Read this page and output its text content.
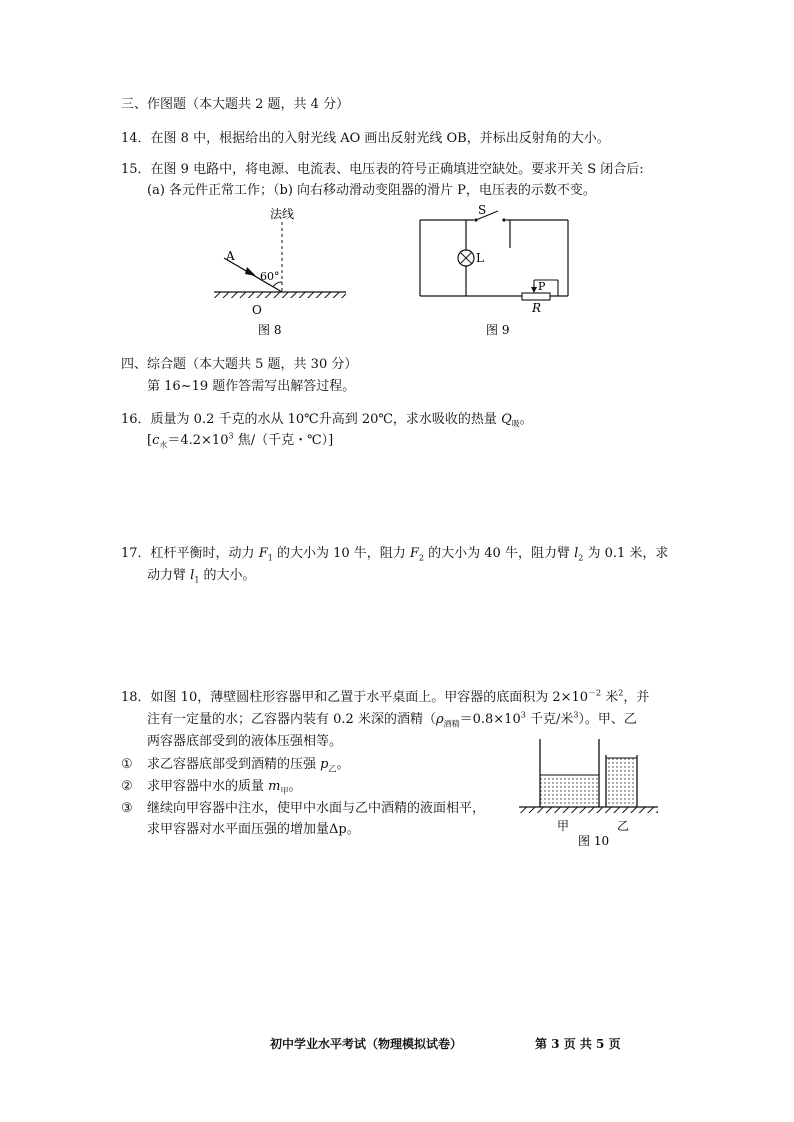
三、作图题（本大题共 2 题，共 4 分）
14．在图 8 中，根据给出的入射光线 AO 画出反射光线 OB，并标出反射角的大小。
15．在图 9 电路中，将电源、电流表、电压表的符号正确填进空缺处。要求开关 S 闭合后:
(a) 各元件正常工作；（b) 向右移动滑动变阻器的滑片 P，电压表的示数不变。
法线
A
60°
O
图 8
S
L
P
R
图 9
四、综合题（本大题共 5 题，共 30 分）
第 16~19 题作答需写出解答过程。
16．质量为 0.2 千克的水从 10℃升高到 20℃，求水吸收的热量 $Q_吸$。
[$c_水=4.2\times 10^3$ 焦/（千克・℃）]
17．杠杆平衡时，动力 $F_1$ 的大小为 10 牛，阻力 $F_2$ 的大小为 40 牛，阻力臂 $l_2$ 为 0.1 米，求
动力臂 $l_1$ 的大小。
18．如图 10，薄壁圆柱形容器甲和乙置于水平桌面上。甲容器的底面积为 $2\times 10^{-2}$ 米$^2$，并
注有一定量的水；乙容器内装有 0.2 米深的酒精（$\rho_{酒精}=0.8\times 10^3$ 千克/米$^3$）。甲、乙
两容器底部受到的液体压强相等。
① 求乙容器底部受到酒精的压强 $p_乙$。
② 求甲容器中水的质量 $m_甲$。
③ 继续向甲容器中注水，使甲中水面与乙中酒精的液面相平，
求甲容器对水平面压强的增加量Δp。	甲	乙
图 10
初中学业水平考试（物理模拟试卷）	第 3 页 共 5 页
